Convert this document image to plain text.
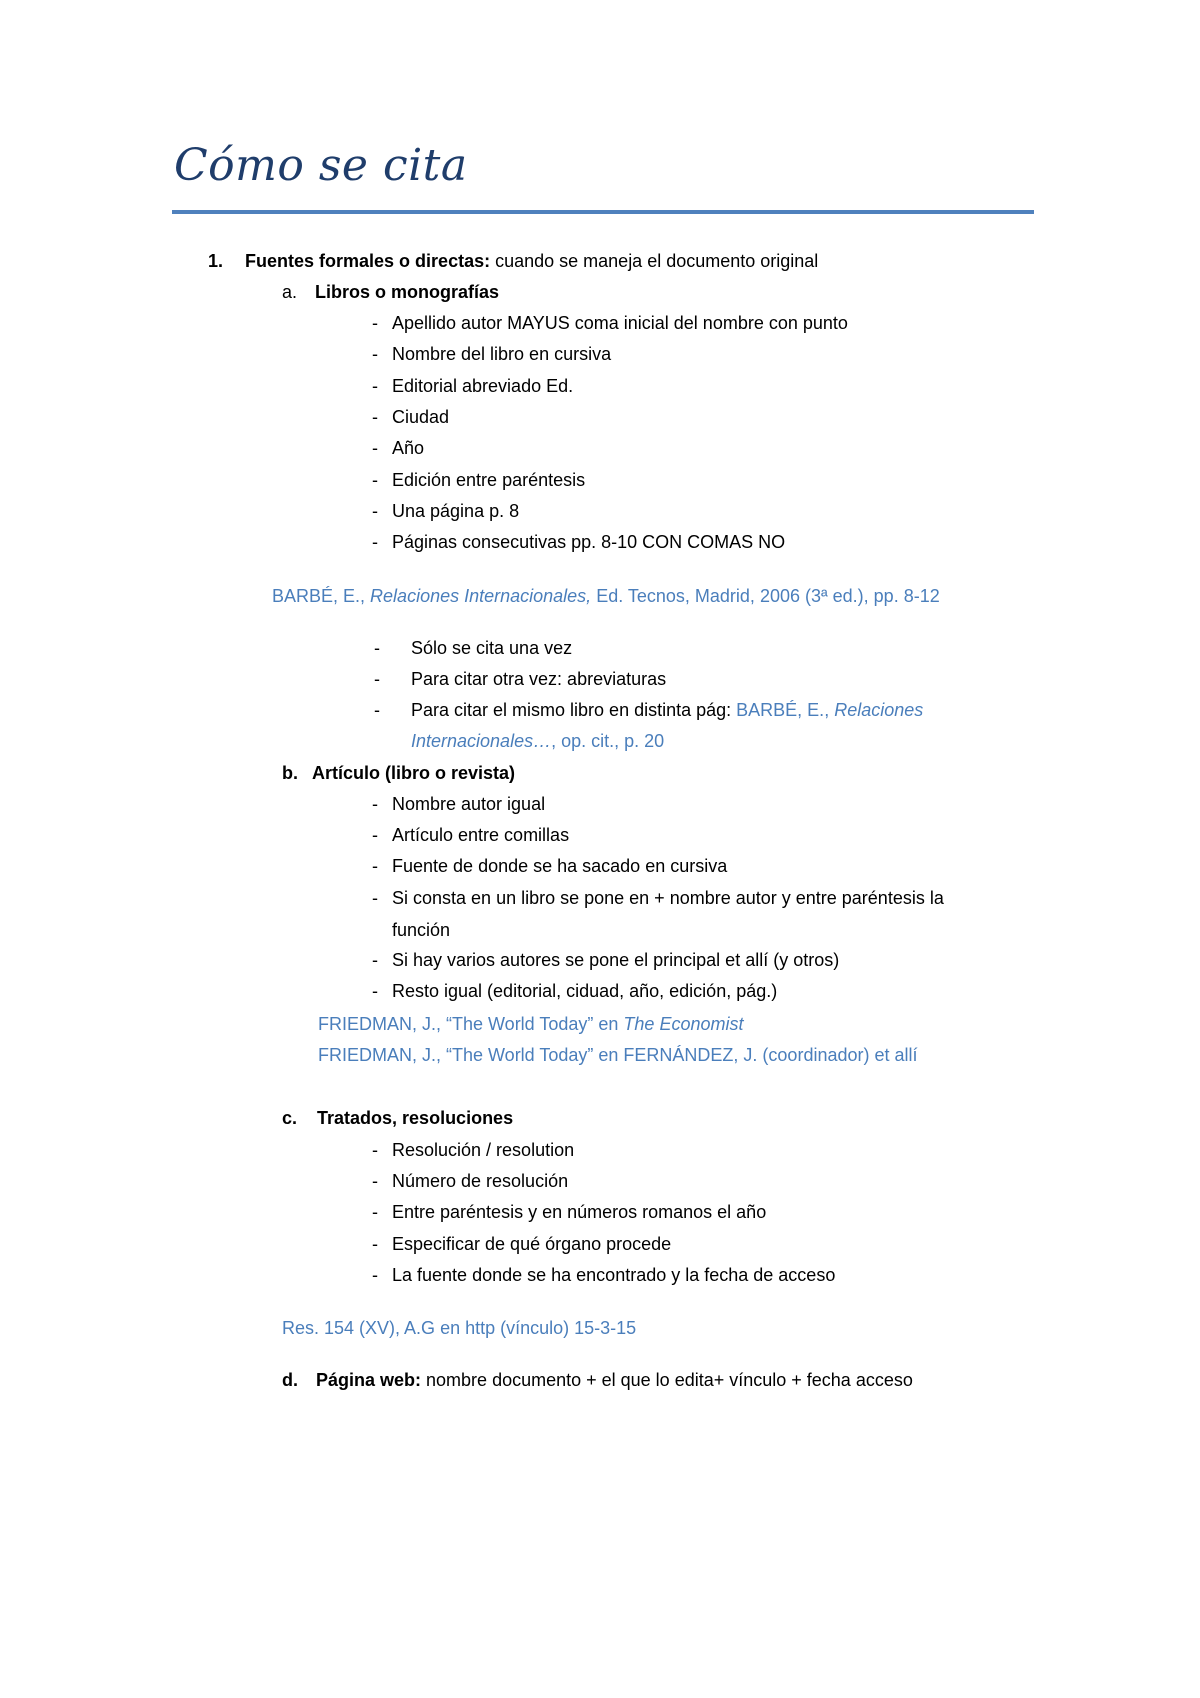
Cómo se cita
1. Fuentes formales o directas: cuando se maneja el documento original
a. Libros o monografías
- Apellido autor MAYUS coma inicial del nombre con punto
- Nombre del libro en cursiva
- Editorial abreviado Ed.
- Ciudad
- Año
- Edición entre paréntesis
- Una página p. 8
- Páginas consecutivas pp. 8-10 CON COMAS NO
BARBÉ, E., Relaciones Internacionales, Ed. Tecnos, Madrid, 2006 (3ª ed.), pp. 8-12
- Sólo se cita una vez
- Para citar otra vez: abreviaturas
Para citar el mismo libro en distinta pág: BARBÉ, E., Relaciones
Internacionales…, op. cit., p. 20
b. Artículo (libro o revista)
- Nombre autor igual
- Artículo entre comillas
- Fuente de donde se ha sacado en cursiva
- Si consta en un libro se pone en + nombre autor y entre paréntesis la
- Si hay varios autores se pone el principal et allí (y otros)
- Resto igual (editorial, ciduad, año, edición, pág.)
función
FRIEDMAN, J., “The World Today” en The Economist
FRIEDMAN, J., “The World Today” en FERNÁNDEZ, J. (coordinador) et allí
c. Tratados, resoluciones
- Resolución / resolution
- Número de resolución
- Entre paréntesis y en números romanos el año
- Especificar de qué órgano procede
- La fuente donde se ha encontrado y la fecha de acceso
Res. 154 (XV), A.G en http (vínculo) 15-3-15
d. Página web: nombre documento + el que lo edita+ vínculo + fecha acceso
-
